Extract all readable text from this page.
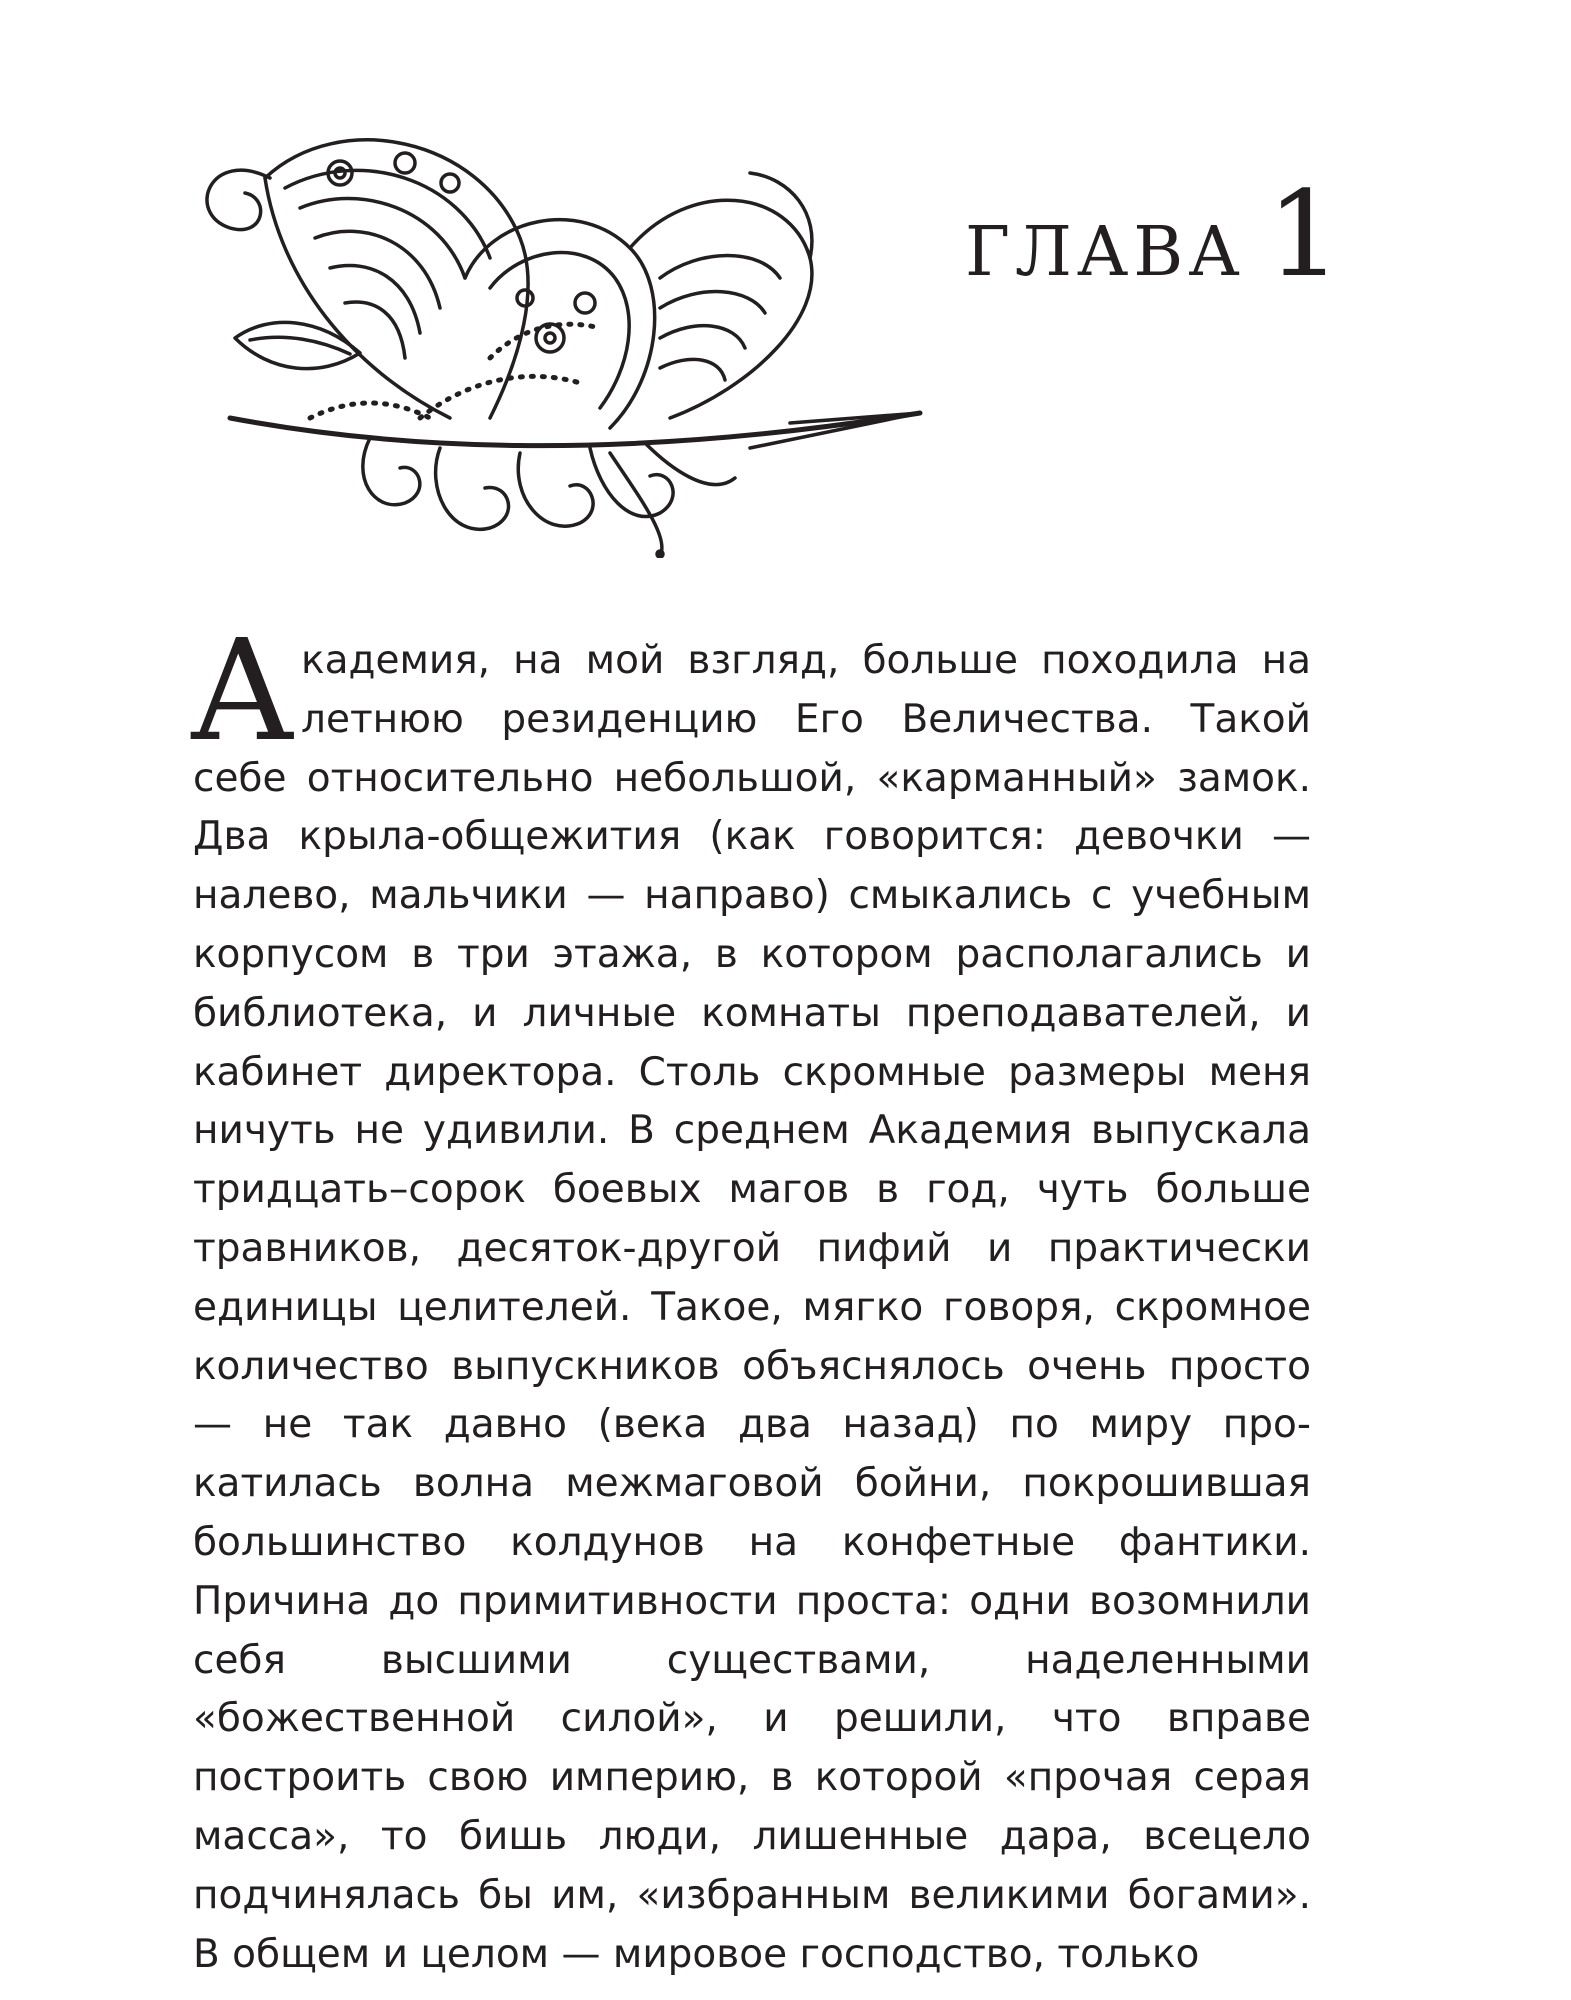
ГЛАВА 1

Академия, на мой взгляд, больше походила на летнюю резиденцию Его Величества. Такой себе относительно небольшой, «карманный» замок. Два крыла-общежития (как говорится: девочки — налево, мальчики — направо) смыкались с учебным корпусом в три этажа, в котором располагались и библиотека, и личные комнаты преподавателей, и кабинет директора. Столь скромные размеры меня ничуть не удивили. В среднем Академия выпускала тридцать–сорок боевых магов в год, чуть больше травников, десяток-другой пифий и практически единицы целителей. Такое, мягко говоря, скромное количество выпускников объяснялось очень просто — не так давно (века два назад) по миру прокатилась волна межмаговой бойни, покрошившая большинство колдунов на конфетные фантики. Причина до примитивности проста: одни возомнили себя высшими существами, наделенными «божественной силой», и решили, что вправе построить свою империю, в которой «прочая серая масса», то бишь люди, лишенные дара, всецело подчинялась бы им, «избранным великими богами». В общем и целом — мировое господство, только
